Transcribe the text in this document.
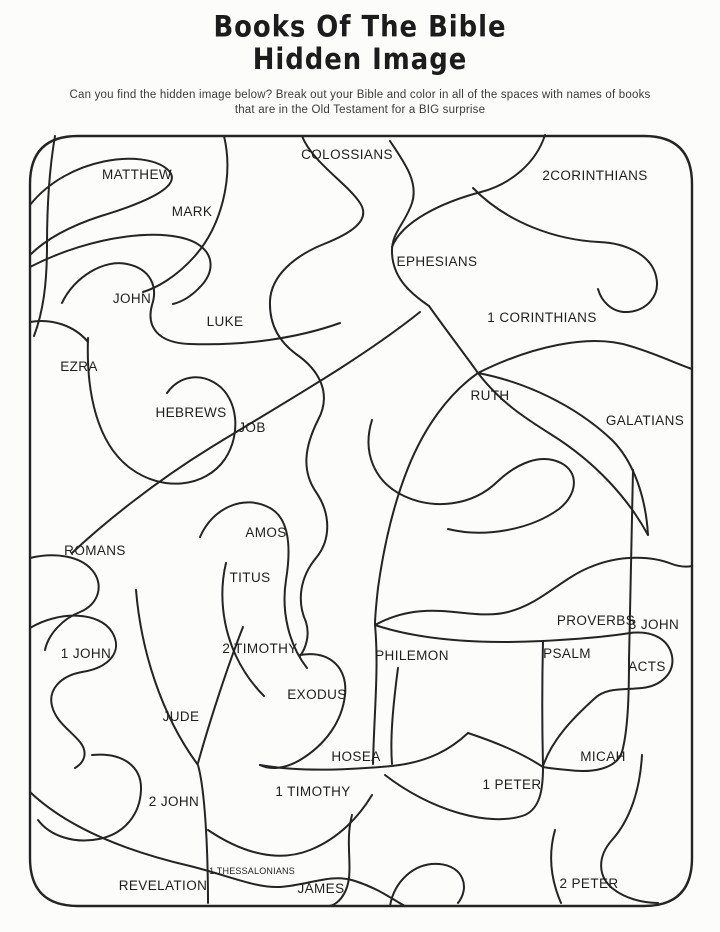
Books Of The Bible
Hidden Image
Can you find the hidden image below? Break out your Bible and color in all of the spaces with names of books
that are in the Old Testament for a BIG surprise
MATTHEW
COLOSSIANS
2CORINTHIANS
MARK
EPHESIANS
JOHN
LUKE	1 CORINTHIANS
EZRA
RUTH
HEBREWS
JOB	GALATIANS
AMOS
ROMANS
TITUS
PROVERBS
3 JOHN
1 JOHN	2 TIMOTHY	PHILEMON	PSALM
ACTS
EXODUS
JUDE
HOSEA	MICAH
1 PETER
1 TIMOTHY
2 JOHN
1 THESSALONIANS
REVELATION	JAMES	2 PETER
